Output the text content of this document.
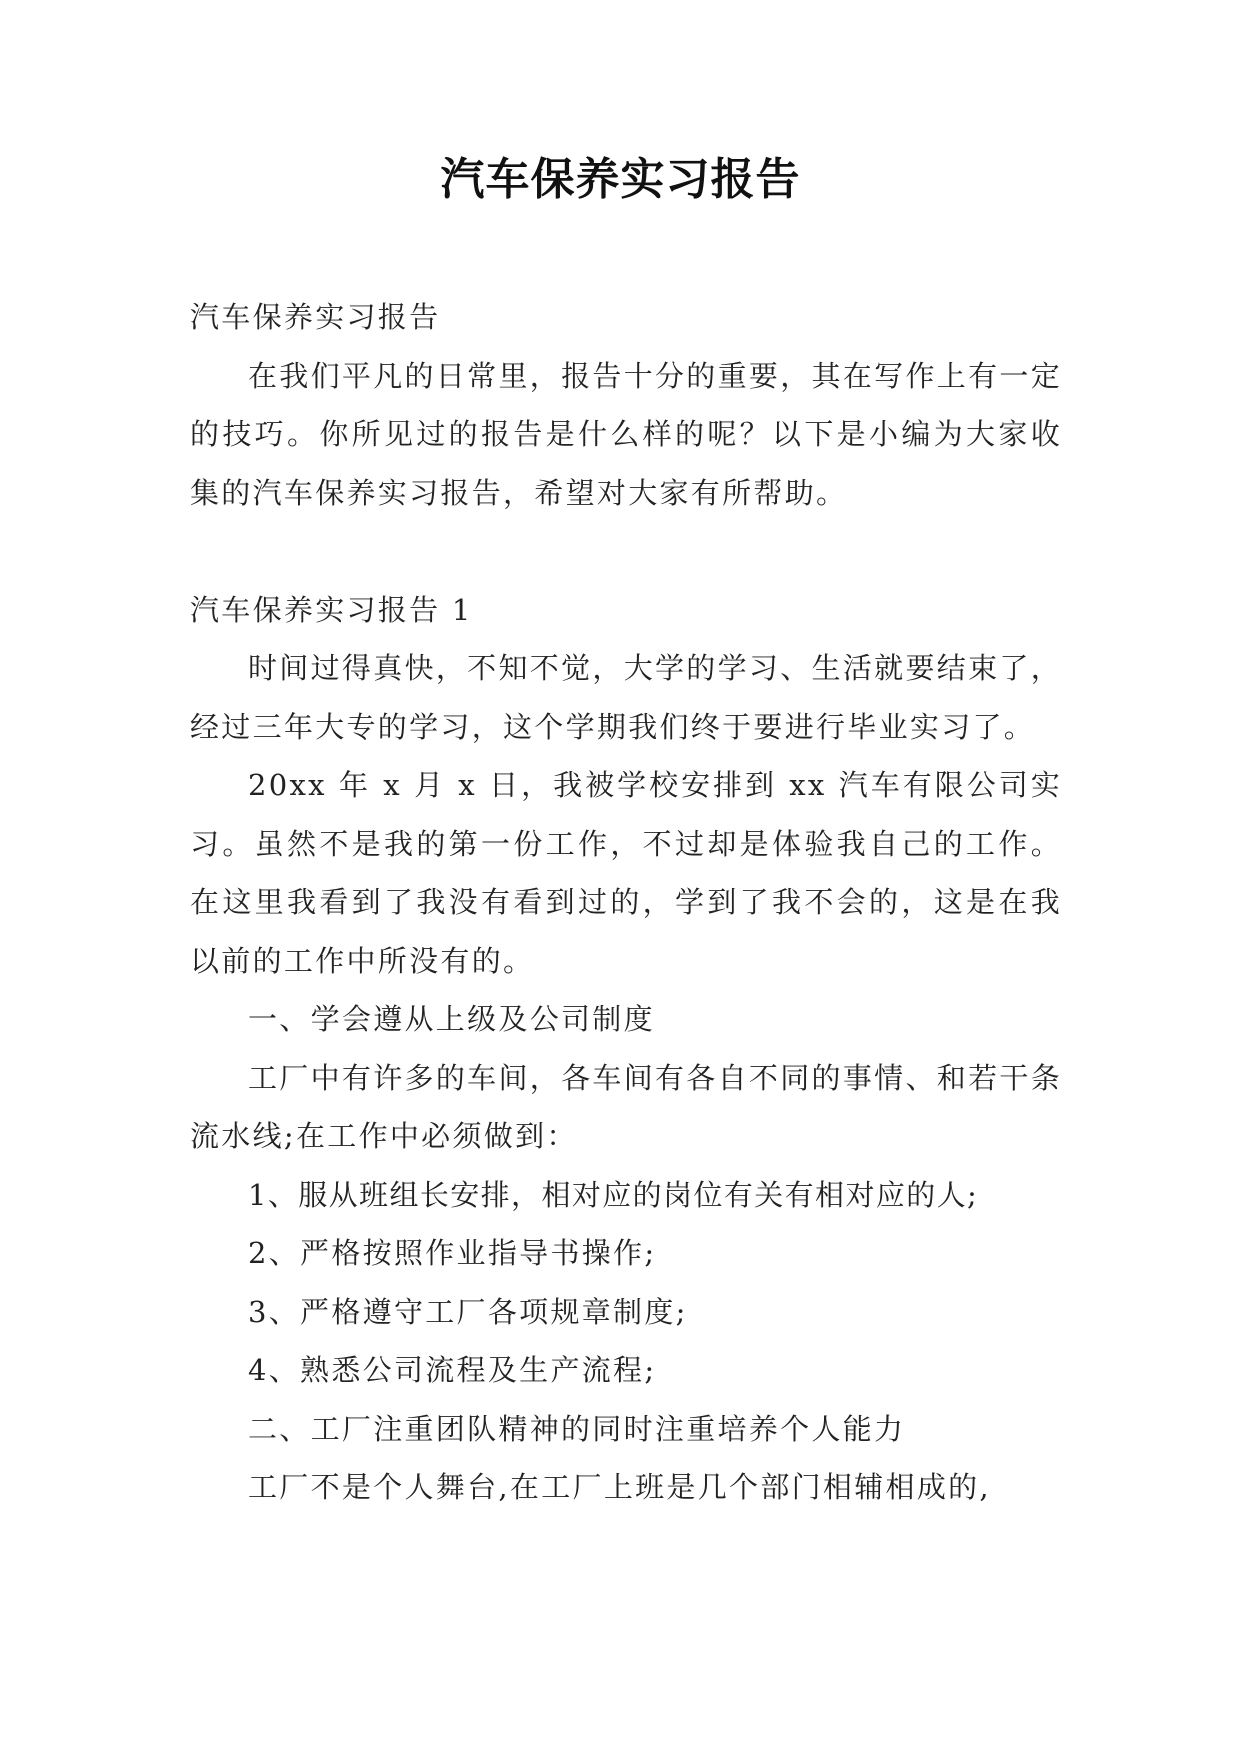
汽车保养实习报告

汽车保养实习报告

在我们平凡的日常里，报告十分的重要，其在写作上有一定的技巧。你所见过的报告是什么样的呢？以下是小编为大家收集的汽车保养实习报告，希望对大家有所帮助。

汽车保养实习报告 1

时间过得真快，不知不觉，大学的学习、生活就要结束了，经过三年大专的学习，这个学期我们终于要进行毕业实习了。

20xx 年 x 月 x 日，我被学校安排到 xx 汽车有限公司实习。虽然不是我的第一份工作，不过却是体验我自己的工作。在这里我看到了我没有看到过的，学到了我不会的，这是在我以前的工作中所没有的。

一、学会遵从上级及公司制度

工厂中有许多的车间，各车间有各自不同的事情、和若干条流水线;在工作中必须做到：

1、服从班组长安排，相对应的岗位有关有相对应的人;

2、严格按照作业指导书操作;

3、严格遵守工厂各项规章制度;

4、熟悉公司流程及生产流程;

二、工厂注重团队精神的同时注重培养个人能力

工厂不是个人舞台,在工厂上班是几个部门相辅相成的,
